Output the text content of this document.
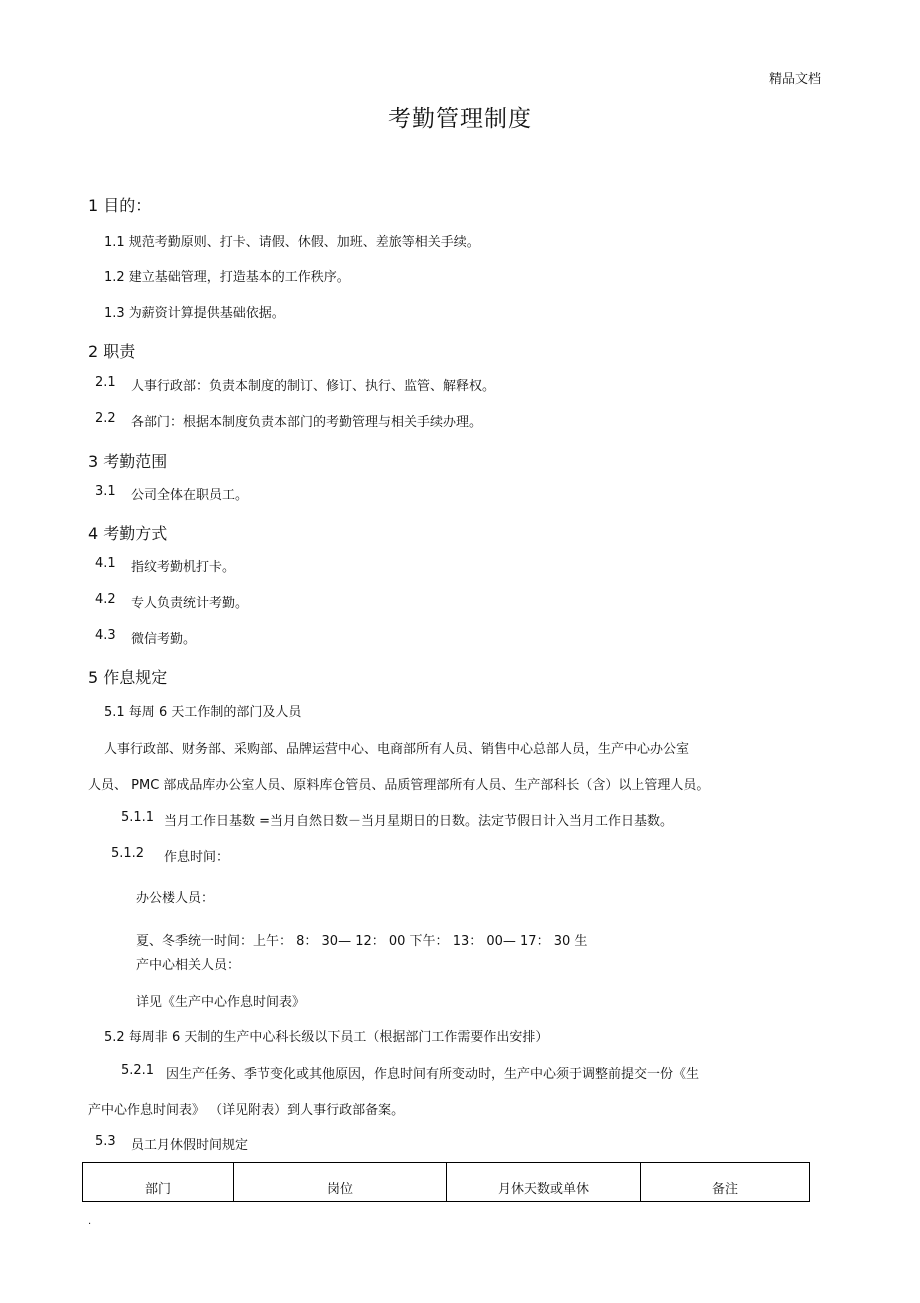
精品文档
考勤管理制度
1 目的：
1.1 规范考勤原则、打卡、请假、休假、加班、差旅等相关手续。
1.2 建立基础管理，打造基本的工作秩序。
1.3 为薪资计算提供基础依据。
2 职责
2.1 人事行政部：负责本制度的制订、修订、执行、监管、解释权。
2.2 各部门：根据本制度负责本部门的考勤管理与相关手续办理。
3 考勤范围
3.1 公司全体在职员工。
4 考勤方式
4.1 指纹考勤机打卡。
4.2 专人负责统计考勤。
4.3 微信考勤。
5 作息规定
5.1 每周 6 天工作制的部门及人员
人事行政部、财务部、采购部、品牌运营中心、电商部所有人员、销售中心总部人员，生产中心办公室
人员、 PMC 部成品库办公室人员、原料库仓管员、品质管理部所有人员、生产部科长（含）以上管理人员。
5.1.1 当月工作日基数 =当月自然日数－当月星期日的日数。法定节假日计入当月工作日基数。
5.1.2 作息时间：
办公楼人员：
夏、冬季统一时间：上午： 8： 30— 12： 00 下午： 13： 00— 17： 30 生
产中心相关人员：
详见《生产中心作息时间表》
5.2 每周非 6 天制的生产中心科长级以下员工（根据部门工作需要作出安排）
5.2.1 因生产任务、季节变化或其他原因，作息时间有所变动时，生产中心须于调整前提交一份《生
产中心作息时间表》 （详见附表）到人事行政部备案。
5.3 员工月休假时间规定
部门	岗位	月休天数或单休	备注
.
